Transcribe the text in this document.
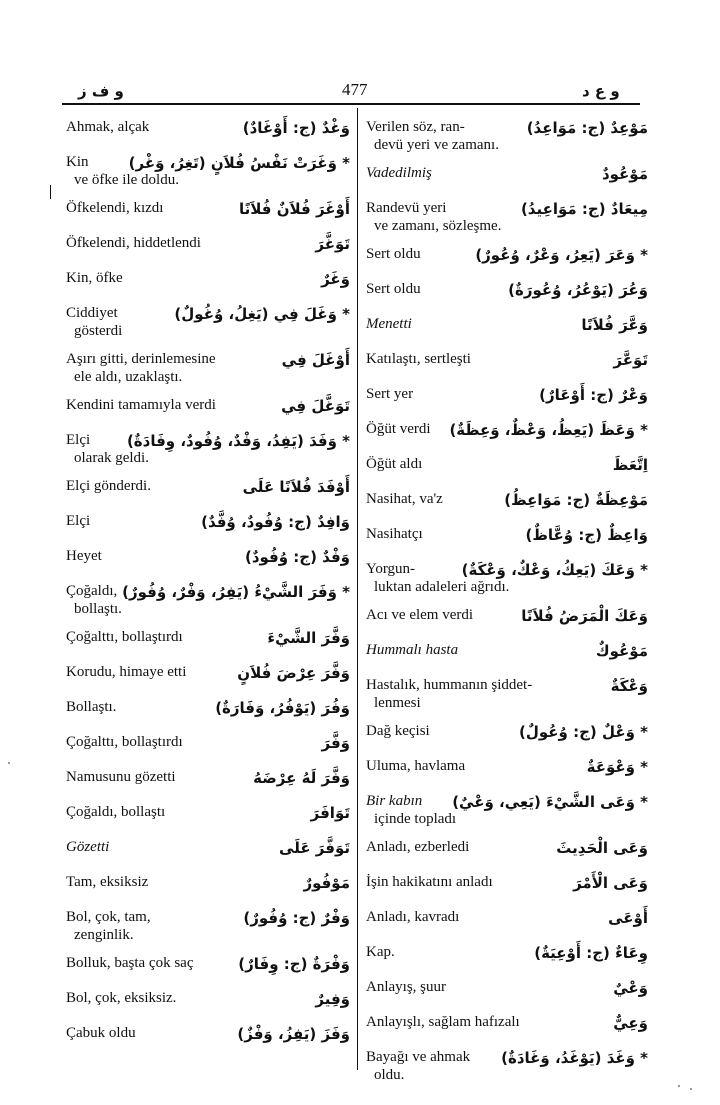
و ف ز	477	و ع د
Ahmak, alçak	وَغْدٌ (ج: أَوْغَادٌ)
Kin	* وَغَرَتْ نَفْسُ فُلاَنٍ (تَغِرُ، وَغْر)
ve öfke ile doldu.
Öfkelendi, kızdı	أَوْغَرَ فُلاَنٌ فُلاَنًا
Öfkelendi, hiddetlendi	تَوَغَّرَ
Kin, öfke	وَغَرٌ
Ciddiyet	* وَغَلَ فِي (يَغِلُ، وُغُولٌ)
gösterdi
Aşırı gitti, derinlemesine	أَوْغَلَ فِي
ele aldı, uzaklaştı.
Kendini tamamıyla verdi	تَوَغَّلَ فِي
Elçi * وَفَدَ (يَفِدُ، وَفْدٌ، وُفُودٌ، وِفَادَةٌ)
olarak geldi.
Elçi gönderdi.	أَوْفَدَ فُلاَنًا عَلَى
Elçi	وَافِدٌ (ج: وُفُودٌ، وُفَّدٌ)
Heyet	وَفْدٌ (ج: وُفُودٌ)
Çoğaldı, * وَفَرَ الشَّيْءُ (يَفِرُ، وَفْرٌ، وُفُورٌ)
bollaştı.
Çoğalttı, bollaştırdı	وَفَّرَ الشَّيْءَ
Korudu, himaye etti	وَفَّرَ عِرْضَ فُلاَنٍ
Bollaştı.	وَفُرَ (يَوْفُرُ، وَفَارَةٌ)
Çoğalttı, bollaştırdı	وَفَّرَ
Namusunu gözetti	وَفَّرَ لَهُ عِرْضَهُ
Çoğaldı, bollaştı	تَوَافَرَ
Gözetti	تَوَفَّرَ عَلَى
Tam, eksiksiz	مَوْفُورٌ
Bol, çok, tam,	وَفْرٌ (ج: وُفُورٌ)
zenginlik.
Bolluk, başta çok saç	وَفْرَةٌ (ج: وِفَارٌ)
Bol, çok, eksiksiz.	وَفِيرٌ
Çabuk oldu	وَفَزَ (يَفِزُ، وَفْزٌ)
Verilen söz, ran-	مَوْعِدٌ (ج: مَوَاعِدُ)
devü yeri ve zamanı.
Vadedilmiş	مَوْعُودٌ
Randevü yeri	مِيعَادٌ (ج: مَوَاعِيدُ)
ve zamanı, sözleşme.
Sert oldu	* وَعَرَ (يَعِرُ، وَعْرٌ، وُعُورٌ)
Sert oldu	وَعُرَ (يَوْعُرُ، وُعُورَةٌ)
Menetti	وَعَّرَ فُلاَنًا
Katılaştı, sertleşti	تَوَعَّرَ
Sert yer	وَعْرٌ (ج: أَوْعَارٌ)
Öğüt verdi * وَعَظَ (يَعِظُ، وَعْظٌ، وَعِظَةٌ)
Öğüt aldı	اِتَّعَظَ
Nasihat, va'z	مَوْعِظَةٌ (ج: مَوَاعِظُ)
Nasihatçı	وَاعِظٌ (ج: وُعَّاظٌ)
Yorgun-	* وَعَكَ (يَعِكُ، وَعْكٌ، وَعْكَةٌ)
luktan adaleleri ağrıdı.
Acı ve elem verdi	وَعَكَ الْمَرَضُ فُلاَنًا
Hummalı hasta	مَوْعُوكٌ
Hastalık, hummanın şiddet-	وَعْكَةٌ
lenmesi
Dağ keçisi	* وَعْلٌ (ج: وُعُولٌ)
Uluma, havlama	* وَعْوَعَةٌ
Bir kabın * وَعَى الشَّيْءَ (يَعِي، وَعْيٌ)
içinde topladı
Anladı, ezberledi	وَعَى الْحَدِيثَ
İşin hakikatını anladı	وَعَى الْأَمْرَ
Anladı, kavradı	أَوْعَى
Kap.	وِعَاءٌ (ج: أَوْعِيَةٌ)
Anlayış, şuur	وَعْيٌ
Anlayışlı, sağlam hafızalı	وَعِيٌّ
Bayağı ve ahmak * وَغَدَ (يَوْغَدُ، وَغَادَةٌ)
oldu.
